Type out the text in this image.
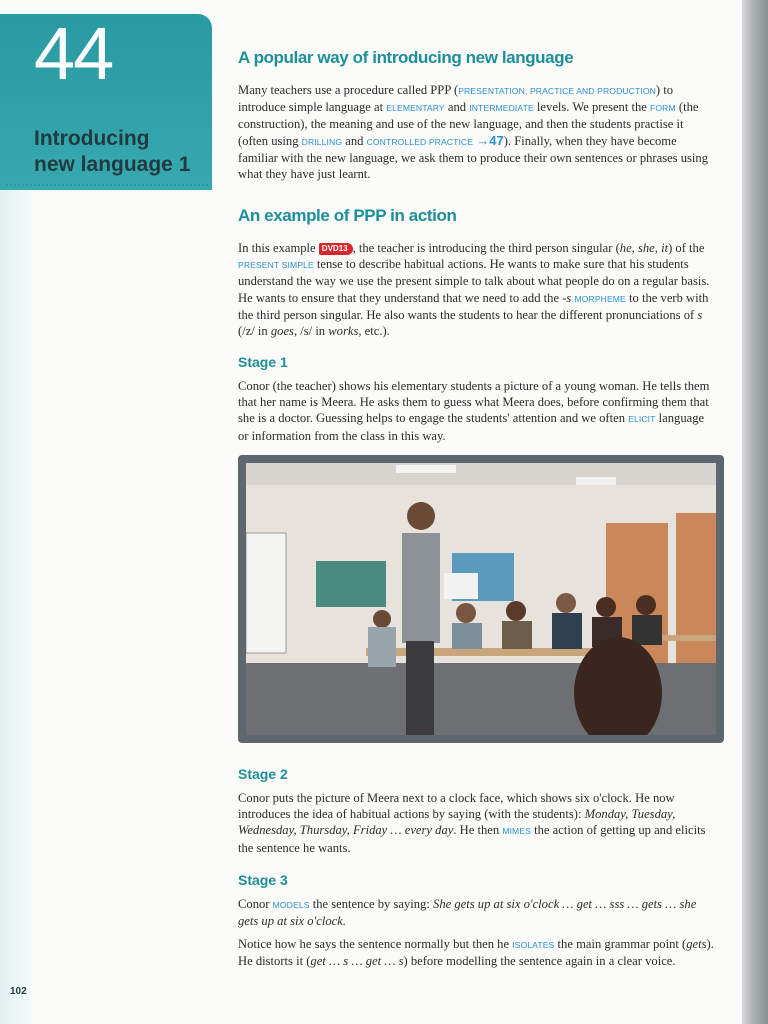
44
Introducing
new language 1
102
A popular way of introducing new language

Many teachers use a procedure called PPP (PRESENTATION, PRACTICE AND PRODUCTION) to introduce simple language at ELEMENTARY and INTERMEDIATE levels. We present the FORM (the construction), the meaning and use of the new language, and then the students practise it (often using DRILLING and CONTROLLED PRACTICE →47). Finally, when they have become familiar with the new language, we ask them to produce their own sentences or phrases using what they have just learnt.

An example of PPP in action

In this example DVD13 , the teacher is introducing the third person singular (he, she, it) of the PRESENT SIMPLE tense to describe habitual actions. He wants to make sure that his students understand the way we use the present simple to talk about what people do on a regular basis. He wants to ensure that they understand that we need to add the -s MORPHEME to the verb with the third person singular. He also wants the students to hear the different pronunciations of s (/z/ in goes, /s/ in works, etc.).

Stage 1

Conor (the teacher) shows his elementary students a picture of a young woman. He tells them that her name is Meera. He asks them to guess what Meera does, before confirming them that she is a doctor. Guessing helps to engage the students' attention and we often ELICIT language or information from the class in this way.

Stage 2

Conor puts the picture of Meera next to a clock face, which shows six o'clock. He now introduces the idea of habitual actions by saying (with the students): Monday, Tuesday, Wednesday, Thursday, Friday … every day. He then MIMES the action of getting up and elicits the sentence he wants.

Stage 3

Conor MODELS the sentence by saying: She gets up at six o'clock … get … sss … gets … she gets up at six o'clock.

Notice how he says the sentence normally but then he ISOLATES the main grammar point (gets). He distorts it (get … s … get … s) before modelling the sentence again in a clear voice.
